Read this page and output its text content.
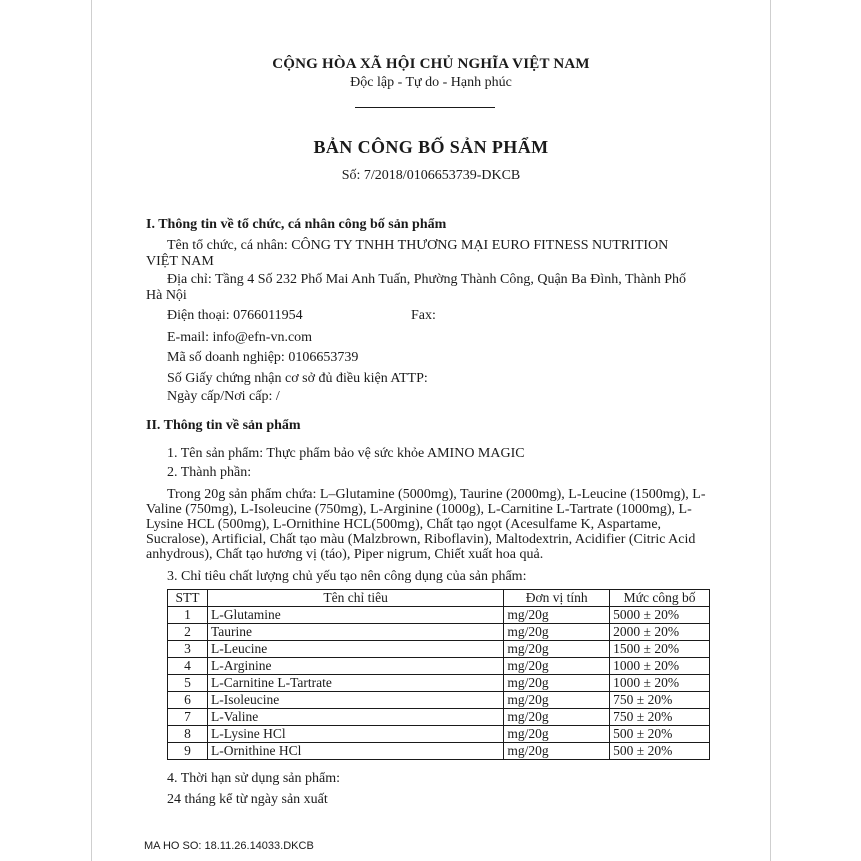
CỘNG HÒA XÃ HỘI CHỦ NGHĨA VIỆT NAM
Độc lập - Tự do - Hạnh phúc
BẢN CÔNG BỐ SẢN PHẨM
Số: 7/2018/0106653739-DKCB
I. Thông tin về tổ chức, cá nhân công bố sản phẩm
Tên tổ chức, cá nhân: CÔNG TY TNHH THƯƠNG MẠI EURO FITNESS NUTRITION
VIỆT NAM
Địa chỉ: Tầng 4 Số 232 Phố Mai Anh Tuấn, Phường Thành Công, Quận Ba Đình, Thành Phố
Hà Nội
Điện thoại: 0766011954	Fax:
E-mail: info@efn-vn.com
Mã số doanh nghiệp: 0106653739
Số Giấy chứng nhận cơ sở đủ điều kiện ATTP:
Ngày cấp/Nơi cấp: /
II. Thông tin về sản phẩm
1. Tên sản phẩm: Thực phẩm bảo vệ sức khỏe AMINO MAGIC
2. Thành phần:
Trong 20g sản phẩm chứa: L–Glutamine (5000mg), Taurine (2000mg), L-Leucine (1500mg), L-Valine (750mg), L-Isoleucine (750mg), L-Arginine (1000g), L-Carnitine L-Tartrate (1000mg), L-Lysine HCL (500mg), L-Ornithine HCL(500mg), Chất tạo ngọt (Acesulfame K, Aspartame, Sucralose), Artificial, Chất tạo màu (Malzbrown, Riboflavin), Maltodextrin, Acidifier (Citric Acid anhydrous), Chất tạo hương vị (táo), Piper nigrum, Chiết xuất hoa quả.
3. Chỉ tiêu chất lượng chủ yếu tạo nên công dụng của sản phẩm:
STT	Tên chỉ tiêu	Đơn vị tính	Mức công bố
1	L-Glutamine	mg/20g	5000 ± 20%
2	Taurine	mg/20g	2000 ± 20%
3	L-Leucine	mg/20g	1500 ± 20%
4	L-Arginine	mg/20g	1000 ± 20%
5	L-Carnitine L-Tartrate	mg/20g	1000 ± 20%
6	L-Isoleucine	mg/20g	750 ± 20%
7	L-Valine	mg/20g	750 ± 20%
8	L-Lysine HCl	mg/20g	500 ± 20%
9	L-Ornithine HCl	mg/20g	500 ± 20%
4. Thời hạn sử dụng sản phẩm:
24 tháng kể từ ngày sản xuất
MA HO SO: 18.11.26.14033.DKCB
